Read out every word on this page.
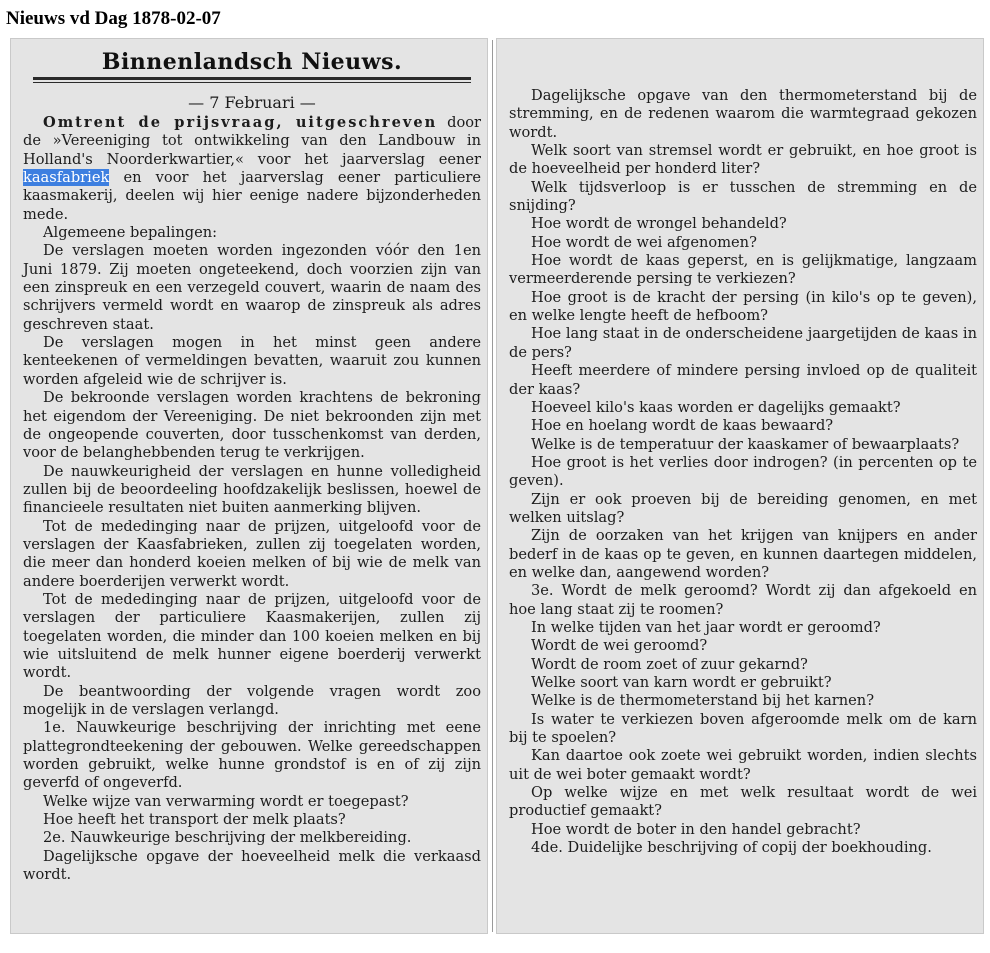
Nieuws vd Dag 1878-02-07
Binnenlandsch Nieuws.
— 7 Februari —

Omtrent de prijsvraag, uitgeschreven door de »Vereeniging tot ontwikkeling van den Landbouw in Holland's Noorderkwartier,« voor het jaarverslag eener kaasfabriek en voor het jaarverslag eener particuliere kaasmakerij, deelen wij hier eenige nadere bijzonderheden mede.

Algemeene bepalingen:

De verslagen moeten worden ingezonden vóór den 1en Juni 1879. Zij moeten ongeteekend, doch voorzien zijn van een zinspreuk en een verzegeld couvert, waarin de naam des schrijvers vermeld wordt en waarop de zinspreuk als adres geschreven staat.

De verslagen mogen in het minst geen andere kenteekenen of vermeldingen bevatten, waaruit zou kunnen worden afgeleid wie de schrijver is.

De bekroonde verslagen worden krachtens de bekroning het eigendom der Vereeniging. De niet bekroonden zijn met de ongeopende couverten, door tusschenkomst van derden, voor de belanghebbenden terug te verkrijgen.

De nauwkeurigheid der verslagen en hunne volledigheid zullen bij de beoordeeling hoofdzakelijk beslissen, hoewel de financieele resultaten niet buiten aanmerking blijven.

Tot de mededinging naar de prijzen, uitgeloofd voor de verslagen der Kaasfabrieken, zullen zij toegelaten worden, die meer dan honderd koeien melken of bij wie de melk van andere boerderijen verwerkt wordt.

Tot de mededinging naar de prijzen, uitgeloofd voor de verslagen der particuliere Kaasmakerijen, zullen zij toegelaten worden, die minder dan 100 koeien melken en bij wie uitsluitend de melk hunner eigene boerderij verwerkt wordt.

De beantwoording der volgende vragen wordt zoo mogelijk in de verslagen verlangd.

1e. Nauwkeurige beschrijving der inrichting met eene plattegrondteekening der gebouwen. Welke gereedschappen worden gebruikt, welke hunne grondstof is en of zij zijn geverfd of ongeverfd.

Welke wijze van verwarming wordt er toegepast?

Hoe heeft het transport der melk plaats?

2e. Nauwkeurige beschrijving der melkbereiding.

Dagelijksche opgave der hoeveelheid melk die verkaasd wordt.

Dagelijksche opgave van den thermometerstand bij de stremming, en de redenen waarom die warmtegraad gekozen wordt.

Welk soort van stremsel wordt er gebruikt, en hoe groot is de hoeveelheid per honderd liter?

Welk tijdsverloop is er tusschen de stremming en de snijding?

Hoe wordt de wrongel behandeld?

Hoe wordt de wei afgenomen?

Hoe wordt de kaas geperst, en is gelijkmatige, langzaam vermeerderende persing te verkiezen?

Hoe groot is de kracht der persing (in kilo's op te geven), en welke lengte heeft de hefboom?

Hoe lang staat in de onderscheidene jaargetijden de kaas in de pers?

Heeft meerdere of mindere persing invloed op de qualiteit der kaas?

Hoeveel kilo's kaas worden er dagelijks gemaakt?

Hoe en hoelang wordt de kaas bewaard?

Welke is de temperatuur der kaaskamer of bewaarplaats?

Hoe groot is het verlies door indrogen? (in percenten op te geven).

Zijn er ook proeven bij de bereiding genomen, en met welken uitslag?

Zijn de oorzaken van het krijgen van knijpers en ander bederf in de kaas op te geven, en kunnen daartegen middelen, en welke dan, aangewend worden?

3e. Wordt de melk geroomd? Wordt zij dan afgekoeld en hoe lang staat zij te roomen?

In welke tijden van het jaar wordt er geroomd?

Wordt de wei geroomd?

Wordt de room zoet of zuur gekarnd?

Welke soort van karn wordt er gebruikt?

Welke is de thermometerstand bij het karnen?

Is water te verkiezen boven afgeroomde melk om de karn bij te spoelen?

Kan daartoe ook zoete wei gebruikt worden, indien slechts uit de wei boter gemaakt wordt?

Op welke wijze en met welk resultaat wordt de wei productief gemaakt?

Hoe wordt de boter in den handel gebracht?

4de. Duidelijke beschrijving of copij der boekhouding.
